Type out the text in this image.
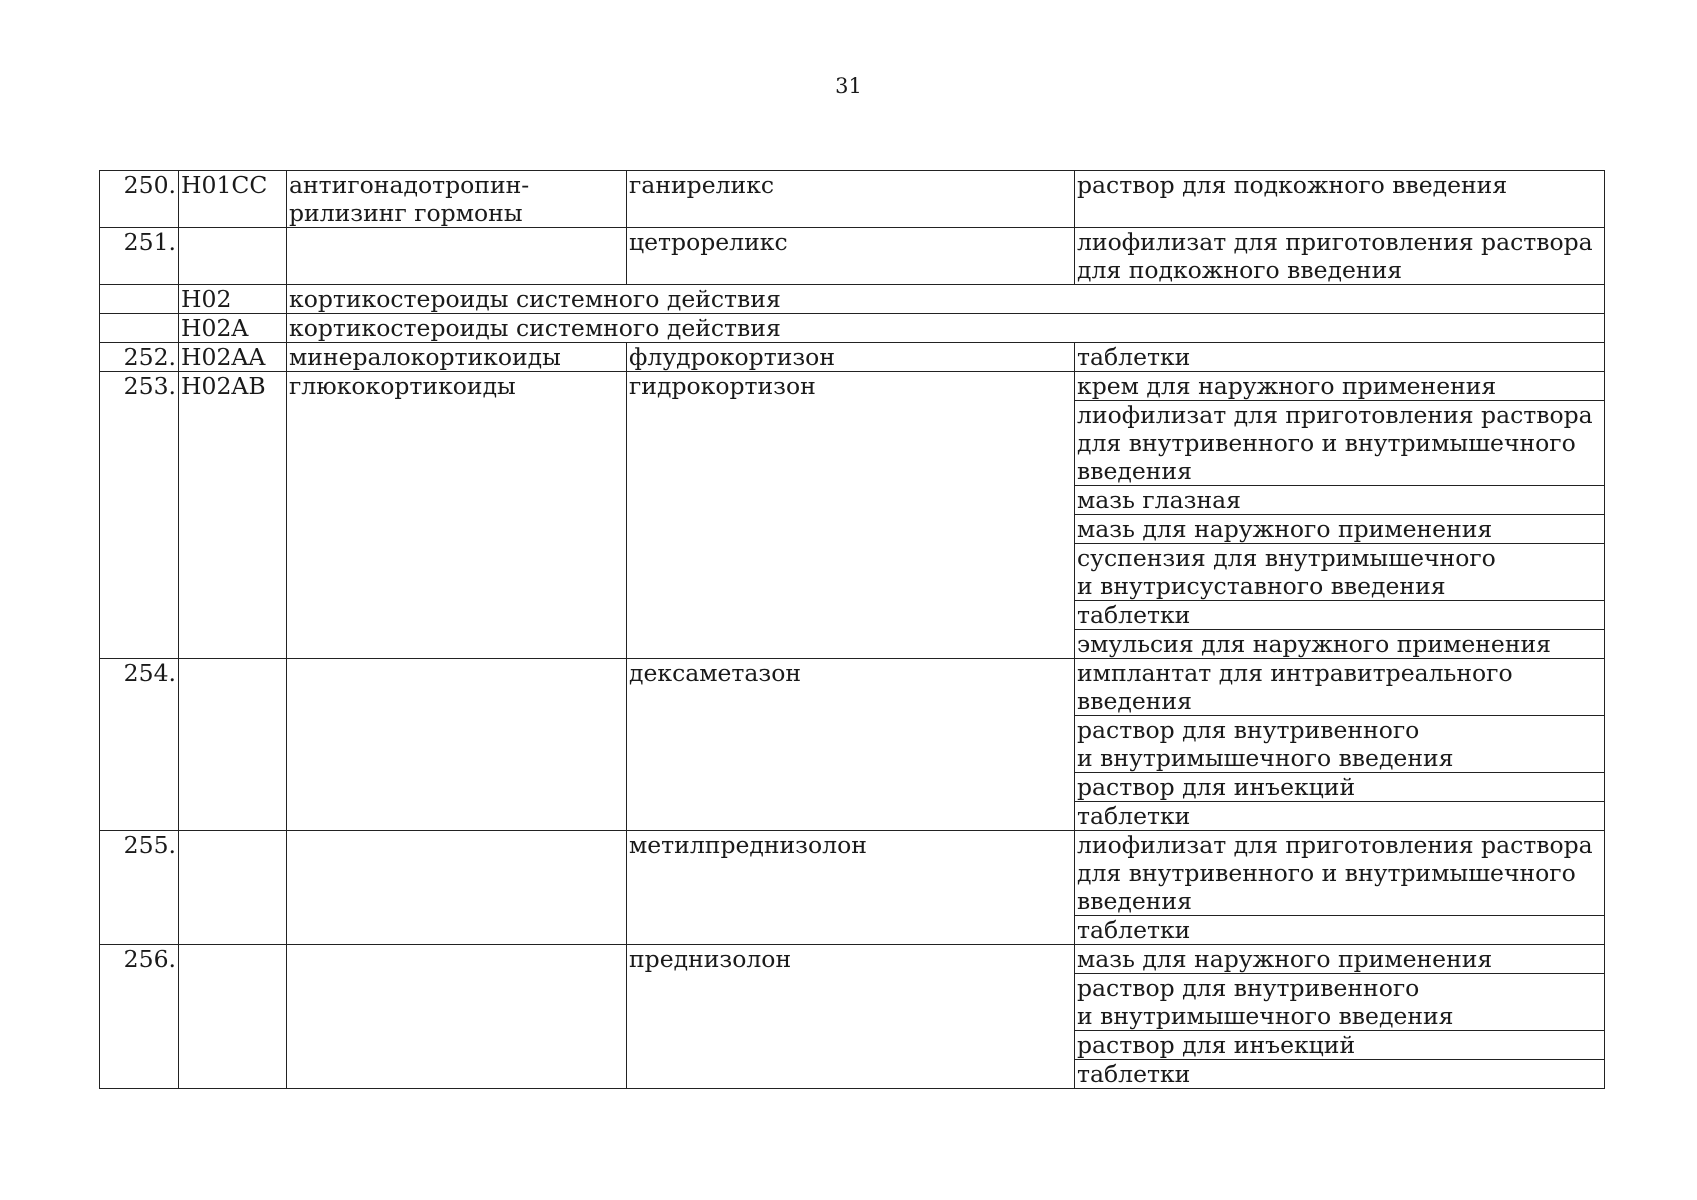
31
250.	H01CC	антигонадотропин-
рилизинг гормоны	ганиреликс	раствор для подкожного введения
251.			цетрореликс	лиофилизат для приготовления раствора
для подкожного введения
	H02	кортикостероиды системного действия		
	H02A	кортикостероиды системного действия		
252.	H02AA	минералокортикоиды	флудрокортизон	таблетки
253.	H02AB	глюкокортикоиды	гидрокортизон	крем для наружного применения
				лиофилизат для приготовления раствора
для внутривенного и внутримышечного
введения
				мазь глазная
				мазь для наружного применения
				суспензия для внутримышечного
и внутрисуставного введения
				таблетки
				эмульсия для наружного применения
254.			дексаметазон	имплантат для интравитреального
введения
				раствор для внутривенного
и внутримышечного введения
				раствор для инъекций
				таблетки
255.			метилпреднизолон	лиофилизат для приготовления раствора
для внутривенного и внутримышечного
введения
				таблетки
256.			преднизолон	мазь для наружного применения
				раствор для внутривенного
и внутримышечного введения
				раствор для инъекций
				таблетки
